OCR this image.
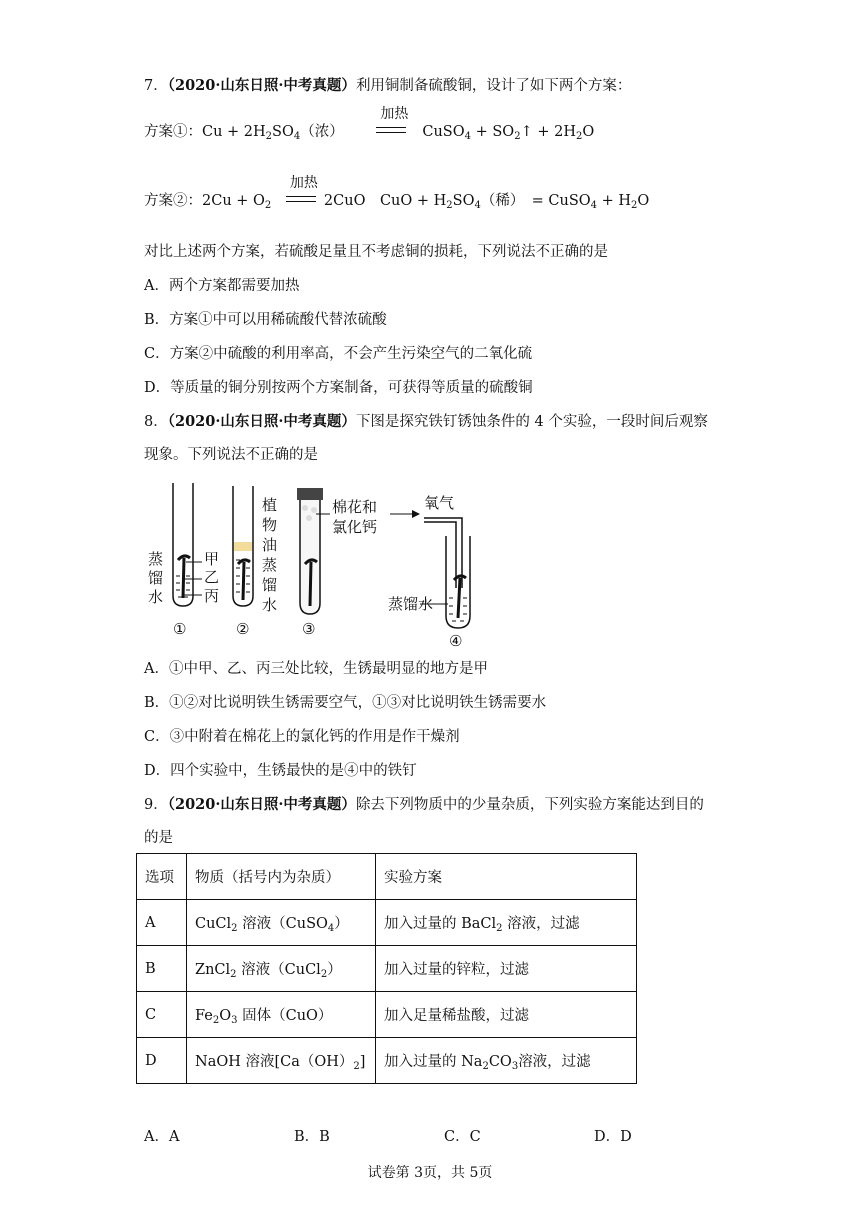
7．（2020·山东日照·中考真题）利用铜制备硫酸铜，设计了如下两个方案：
方案①：$Cu + 2H_2SO_4$（浓）
加热
CuSO$_4$ + $SO_2↑ + 2H_2O$
方案②：$2Cu + O_2$
加热
2CuO　CuO + $H_2SO_4$（稀）　= CuSO$_4$ + $H_2O$
对比上述两个方案，若硫酸足量且不考虑铜的损耗，下列说法不正确的是
A．两个方案都需要加热
B．方案①中可以用稀硫酸代替浓硫酸
C．方案②中硫酸的利用率高，不会产生污染空气的二氧化硫
D．等质量的铜分别按两个方案制备，可获得等质量的硫酸铜
8．（2020·山东日照·中考真题）下图是探究铁钉锈蚀条件的 4 个实验，一段时间后观察
现象。下列说法不正确的是
蒸
馏
水
甲
乙
丙
①
植
物
油
蒸
馏
水
②
棉花和
氯化钙
③
氧气
蒸馏水
④
A．①中甲、乙、丙三处比较，生锈最明显的地方是甲
B．①②对比说明铁生锈需要空气，①③对比说明铁生锈需要水
C．③中附着在棉花上的氯化钙的作用是作干燥剂
D．四个实验中，生锈最快的是④中的铁钉
9．（2020·山东日照·中考真题）除去下列物质中的少量杂质，下列实验方案能达到目的
的是
选项	物质（括号内为杂质）	实验方案
A	CuCl$_2$ 溶液（CuSO$_4$）	加入过量的 BaCl$_2$ 溶液，过滤
B	ZnCl$_2$ 溶液（CuCl$_2$）	加入过量的锌粒，过滤
C	$Fe_2O_3$ 固体（CuO）	加入足量稀盐酸，过滤
D	NaOH 溶液$[Ca(OH)_2]$	加入过量的 $Na_2CO_3$溶液，过滤
A．A	B．B	C．C	D．D
试卷第 3页，共 5页
